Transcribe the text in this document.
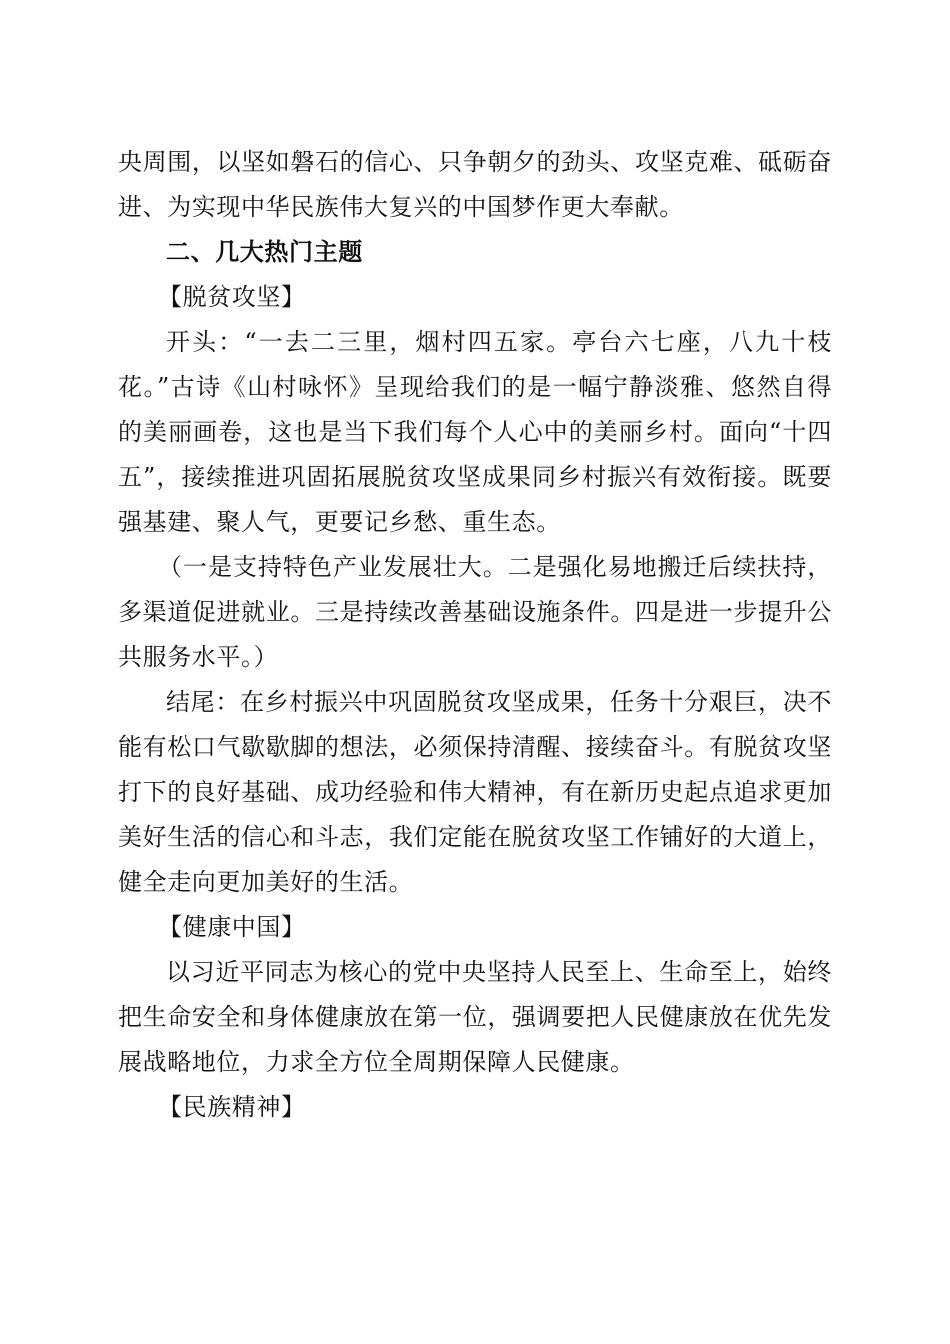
央周围，以坚如磐石的信心、只争朝夕的劲头、攻坚克难、砥砺奋进、为实现中华民族伟大复兴的中国梦作更大奉献。

二、几大热门主题

【脱贫攻坚】

开头：“一去二三里，烟村四五家。亭台六七座，八九十枝花。”古诗《山村咏怀》呈现给我们的是一幅宁静淡雅、悠然自得的美丽画卷，这也是当下我们每个人心中的美丽乡村。面向“十四五”，接续推进巩固拓展脱贫攻坚成果同乡村振兴有效衔接。既要强基建、聚人气，更要记乡愁、重生态。

（一是支持特色产业发展壮大。二是强化易地搬迁后续扶持，多渠道促进就业。三是持续改善基础设施条件。四是进一步提升公共服务水平。）

结尾：在乡村振兴中巩固脱贫攻坚成果，任务十分艰巨，决不能有松口气歇歇脚的想法，必须保持清醒、接续奋斗。有脱贫攻坚打下的良好基础、成功经验和伟大精神，有在新历史起点追求更加美好生活的信心和斗志，我们定能在脱贫攻坚工作铺好的大道上，健全走向更加美好的生活。

【健康中国】

以习近平同志为核心的党中央坚持人民至上、生命至上，始终把生命安全和身体健康放在第一位，强调要把人民健康放在优先发展战略地位，力求全方位全周期保障人民健康。

【民族精神】
